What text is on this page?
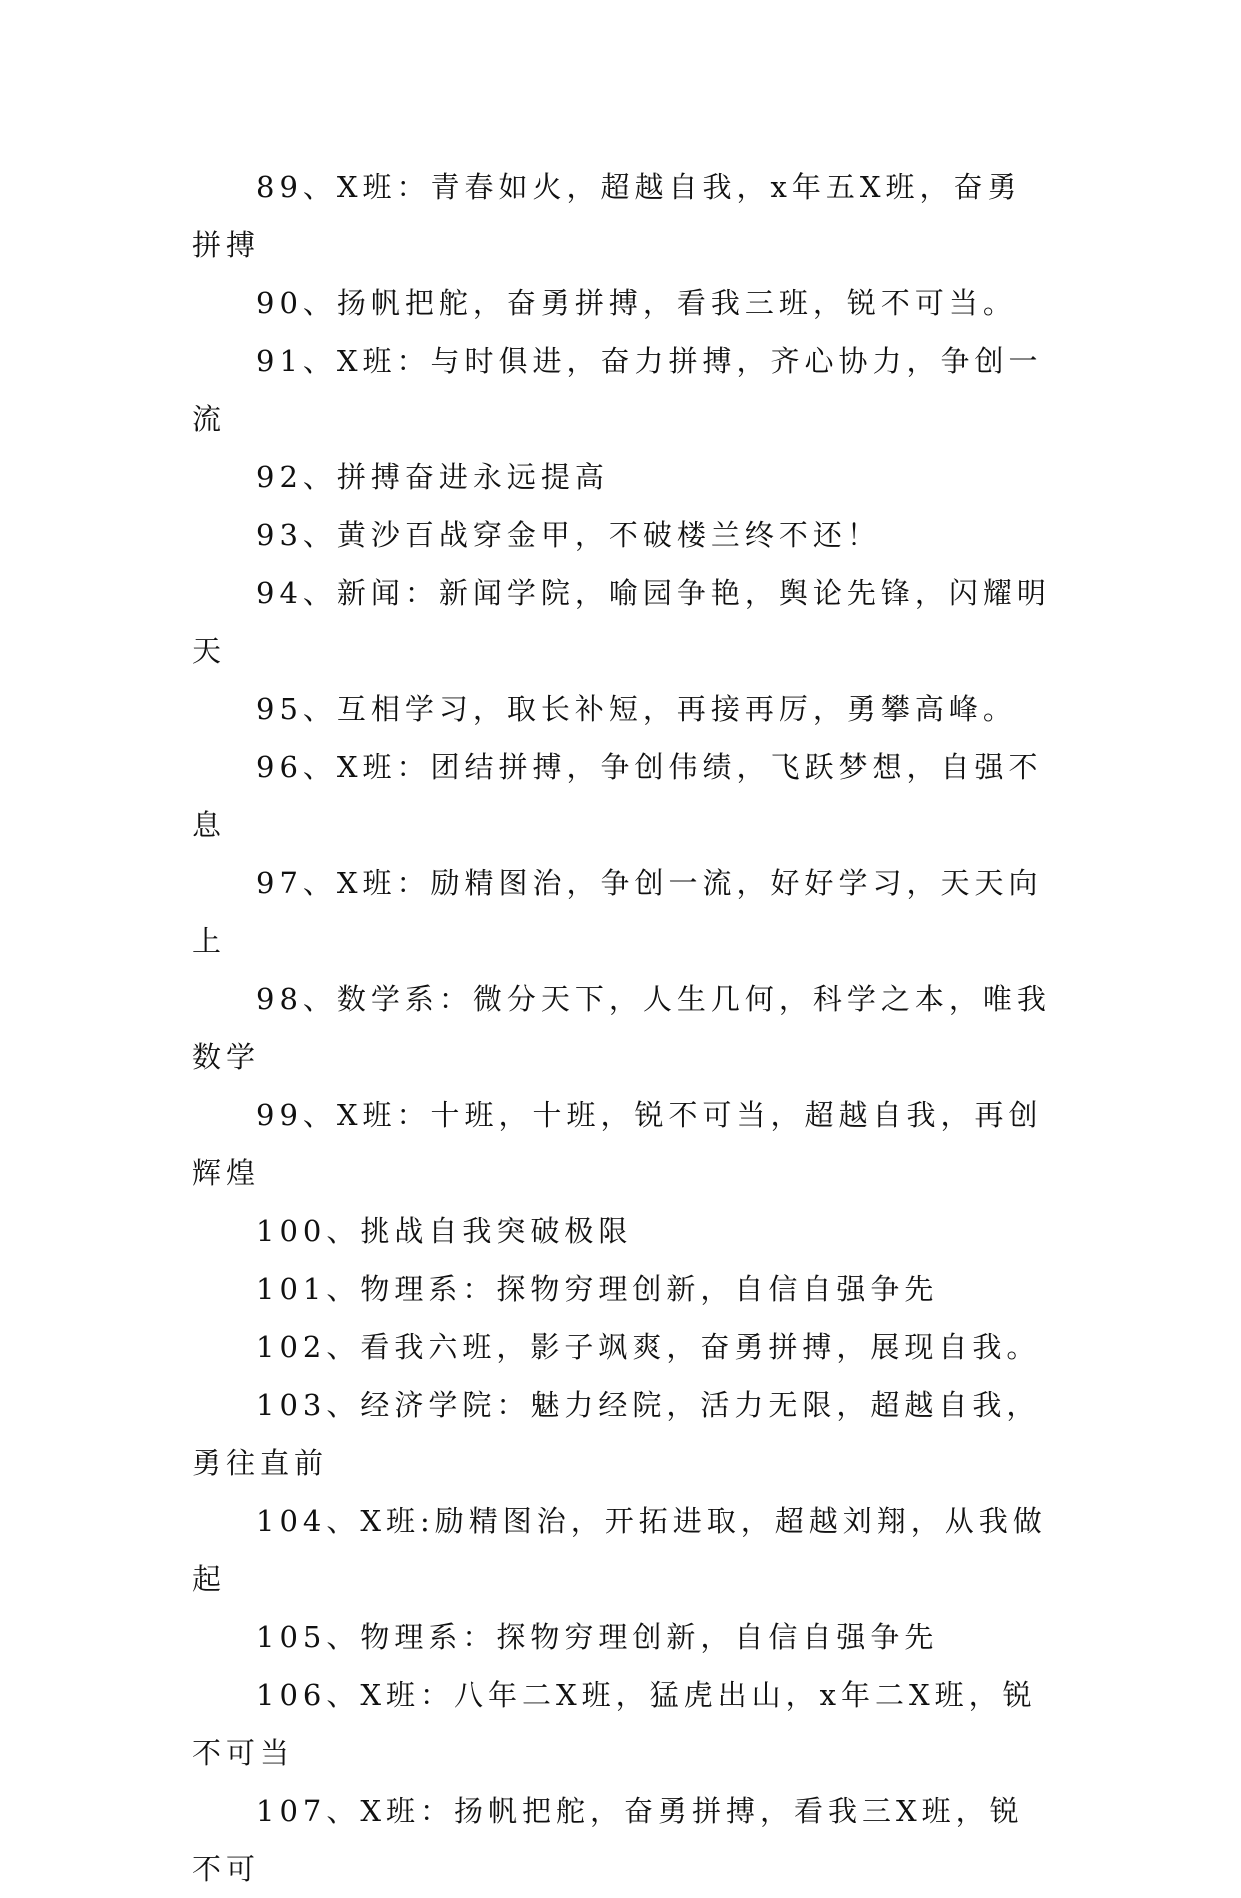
89、X班：青春如火，超越自我，x年五X班，奋勇拼搏

90、扬帆把舵，奋勇拼搏，看我三班，锐不可当。

91、X班：与时俱进，奋力拼搏，齐心协力，争创一流

92、拼搏奋进永远提高

93、黄沙百战穿金甲，不破楼兰终不还！

94、新闻：新闻学院，喻园争艳，舆论先锋，闪耀明天

95、互相学习，取长补短，再接再厉，勇攀高峰。

96、X班：团结拼搏，争创伟绩，飞跃梦想，自强不息

97、X班：励精图治，争创一流，好好学习，天天向上

98、数学系：微分天下，人生几何，科学之本，唯我数学

99、X班：十班，十班，锐不可当，超越自我，再创辉煌

100、挑战自我突破极限

101、物理系：探物穷理创新，自信自强争先

102、看我六班，影子飒爽，奋勇拼搏，展现自我。

103、经济学院：魅力经院，活力无限，超越自我，勇往直前

104、X班:励精图治，开拓进取，超越刘翔，从我做起

105、物理系：探物穷理创新，自信自强争先

106、X班：八年二X班，猛虎出山，x年二X班，锐不可当

107、X班：扬帆把舵，奋勇拼搏，看我三X班，锐不可
